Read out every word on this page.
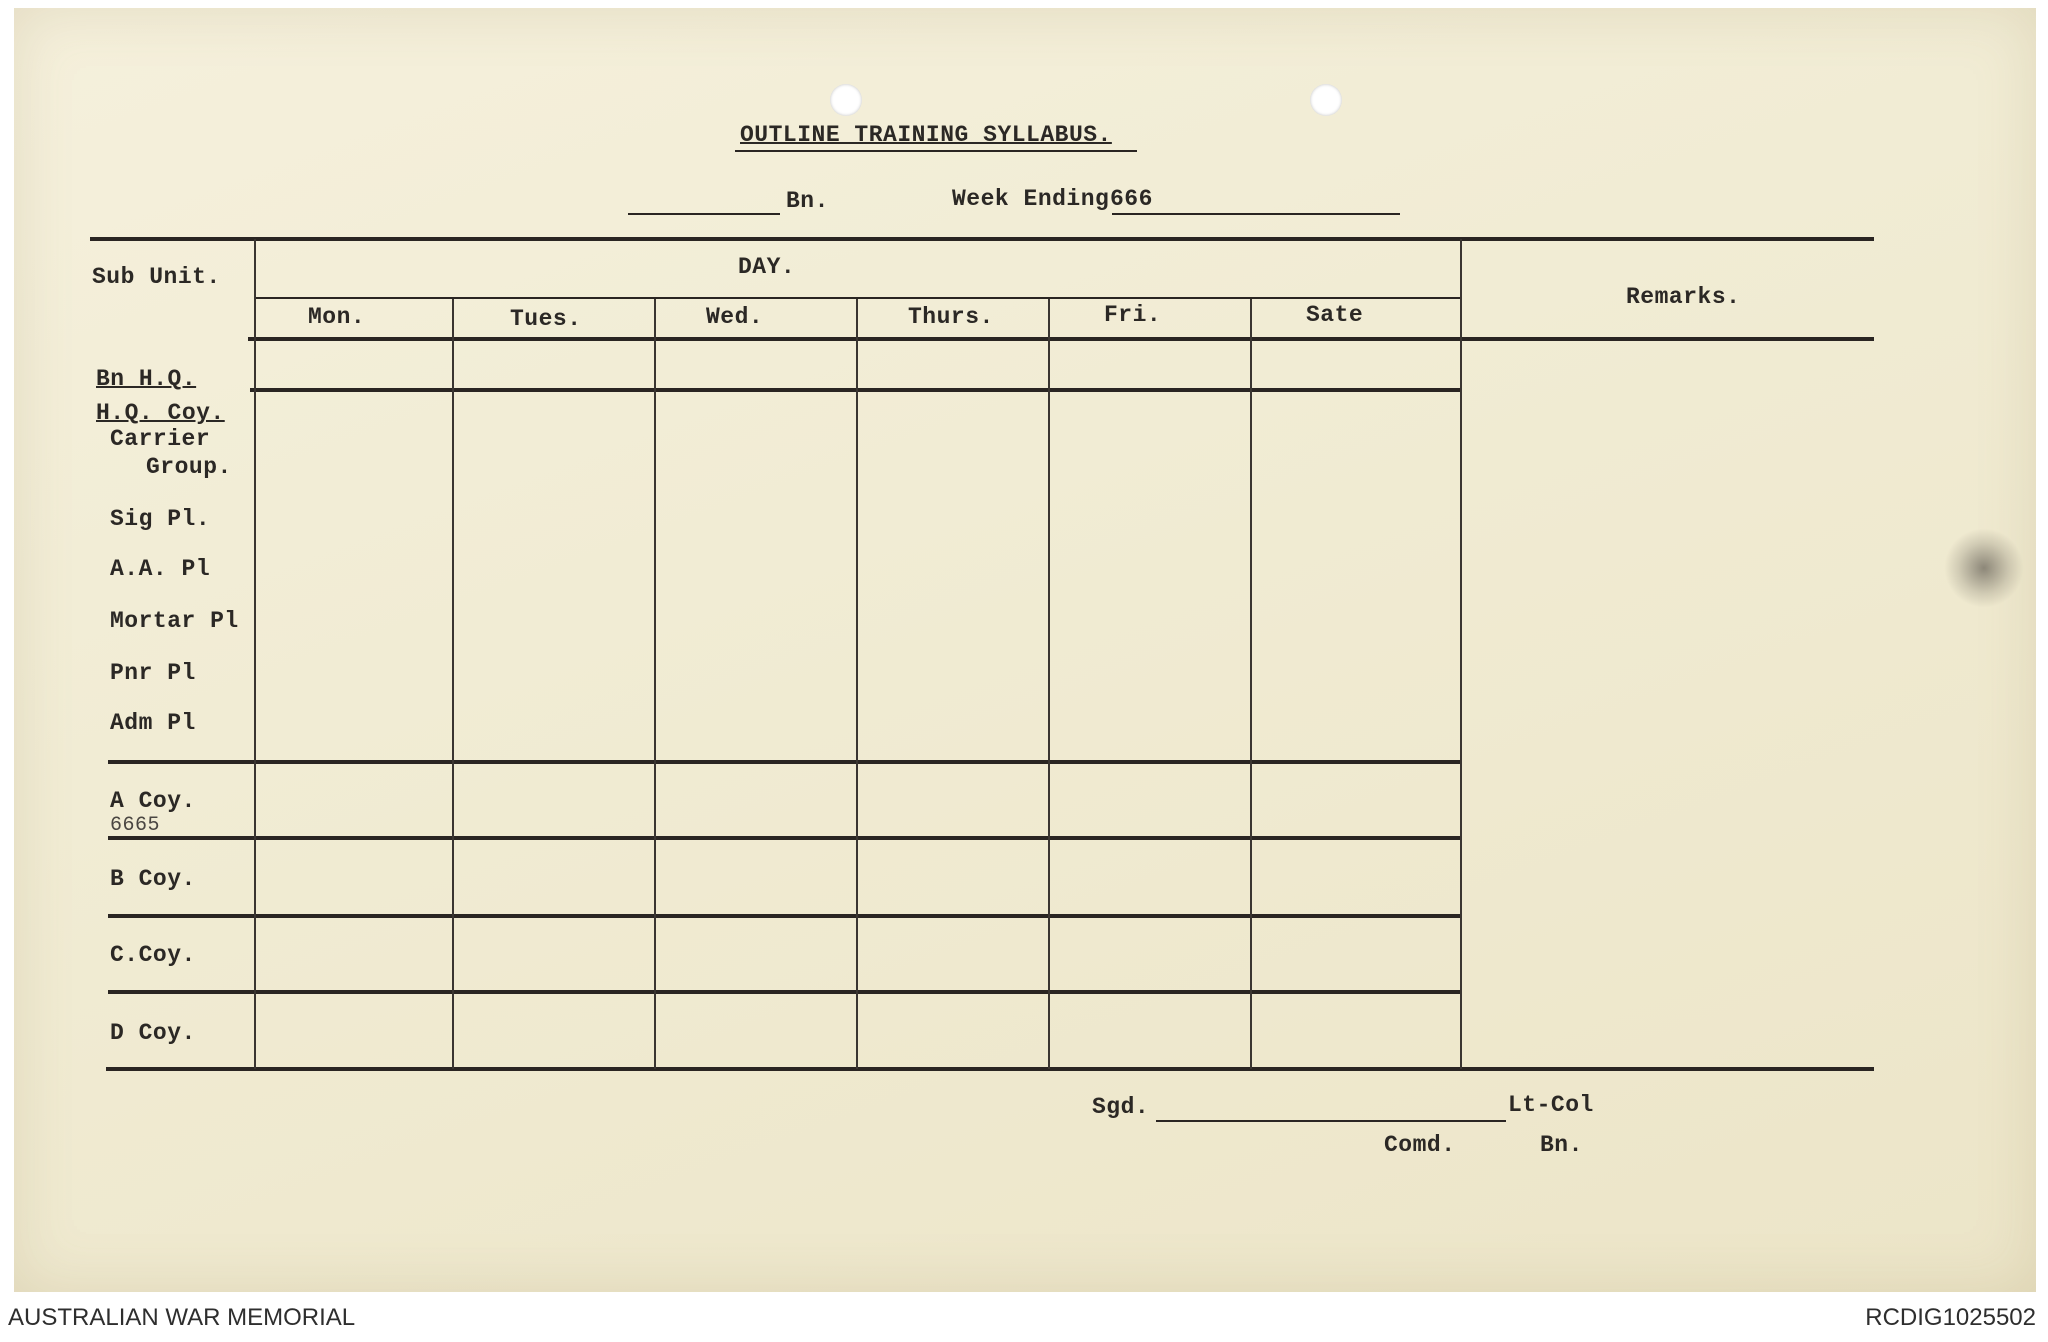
OUTLINE TRAINING SYLLABUS.
Bn.	Week Ending 666
Sub Unit.	DAY.
Remarks.
Mon.	Tues.	Wed.	Thurs.	Fri.	Sate
Bn H.Q.
H.Q. Coy.
Carrier
Group.
Sig Pl.
A.A. Pl
Mortar Pl
Pnr Pl
Adm Pl
A Coy.
6665
B Coy.
C.Coy.
D Coy.
Sgd.	Lt-Col
Comd.	Bn.
AUSTRALIAN WAR MEMORIAL	RCDIG1025502
